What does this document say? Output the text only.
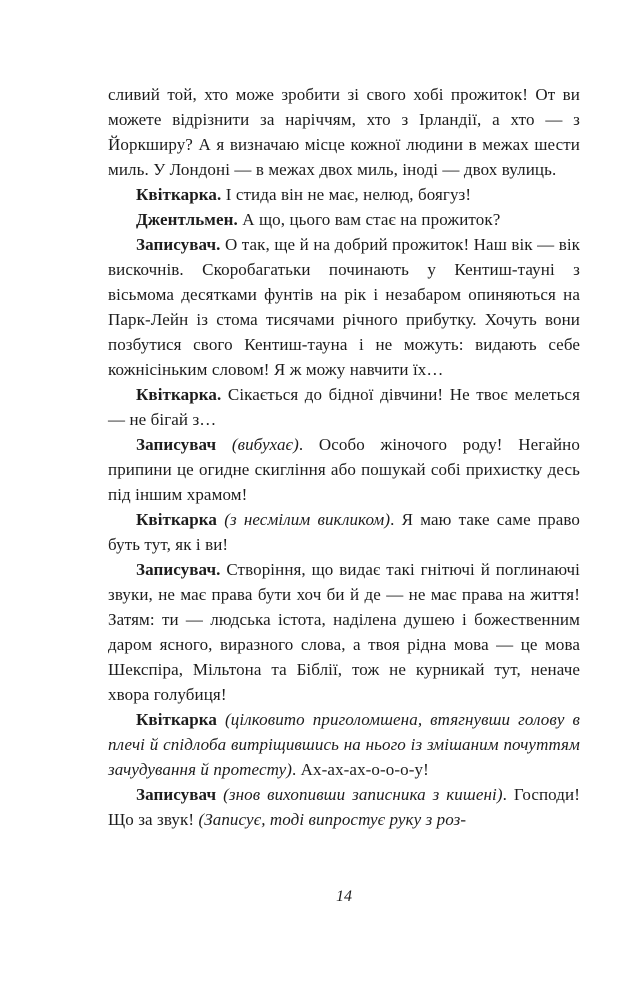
сливий той, хто може зробити зі свого хобі прожиток! От ви можете відрізнити за наріччям, хто з Ірландії, а хто — з Йоркширу? А я визначаю місце кожної людини в межах шести миль. У Лондоні — в межах двох миль, іноді — двох вулиць.

Квіткарка. І стида він не має, нелюд, боягуз!

Джентльмен. А що, цього вам стає на прожиток?

Записувач. О так, ще й на добрий прожиток! Наш вік — вік вискочнів. Скоробагатьки починають у Кентиш-тауні з вісьмома десятками фунтів на рік і незабаром опиняються на Парк-Лейн із стома тисячами річного прибутку. Хочуть вони позбутися свого Кентиш-тауна і не можуть: видають себе кожнісіньким словом! Я ж можу навчити їх…

Квіткарка. Сікається до бідної дівчини! Не твоє мелеться — не бігай з…

Записувач (вибухає). Особо жіночого роду! Негайно припини це огидне скигління або пошукай собі прихистку десь під іншим храмом!

Квіткарка (з несмілим викликом). Я маю таке саме право буть тут, як і ви!

Записувач. Створіння, що видає такі гнітючі й поглинаючі звуки, не має права бути хоч би й де — не має права на життя! Затям: ти — людська істота, наділена душею і божественним даром ясного, виразного слова, а твоя рідна мова — це мова Шекспіра, Мільтона та Біблії, тож не курникай тут, неначе хвора голубиця!

Квіткарка (цілковито приголомшена, втягнувши голову в плечі й спідлоба витріщившись на нього із змішаним почуттям зачудування й протесту). Ах-ах-ах-о-о-о-у!

Записувач (знов вихопивши записника з кишені). Господи! Що за звук! (Записує, тоді випростує руку з роз-

14
